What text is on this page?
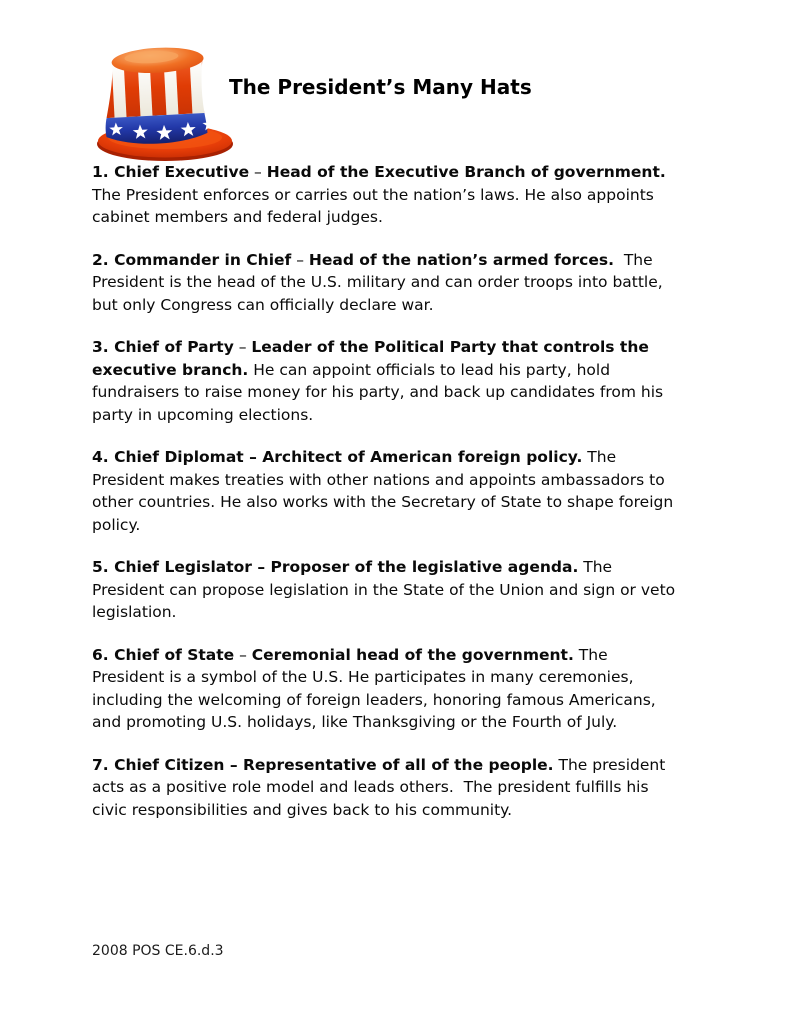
The President’s Many Hats

1. Chief Executive – Head of the Executive Branch of government.  The President enforces or carries out the nation’s laws. He also appoints cabinet members and federal judges.

2. Commander in Chief – Head of the nation’s armed forces.  The President is the head of the U.S. military and can order troops into battle, but only Congress can officially declare war.

3. Chief of Party – Leader of the Political Party that controls the executive branch. He can appoint officials to lead his party, hold fundraisers to raise money for his party, and back up candidates from his party in upcoming elections.

4. Chief Diplomat – Architect of American foreign policy. The President makes treaties with other nations and appoints ambassadors to other countries. He also works with the Secretary of State to shape foreign policy.

5. Chief Legislator – Proposer of the legislative agenda. The President can propose legislation in the State of the Union and sign or veto legislation.

6. Chief of State – Ceremonial head of the government. The President is a symbol of the U.S. He participates in many ceremonies, including the welcoming of foreign leaders, honoring famous Americans, and promoting U.S. holidays, like Thanksgiving or the Fourth of July.

7. Chief Citizen – Representative of all of the people. The president acts as a positive role model and leads others.  The president fulfills his civic responsibilities and gives back to his community.

2008 POS CE.6.d.3
